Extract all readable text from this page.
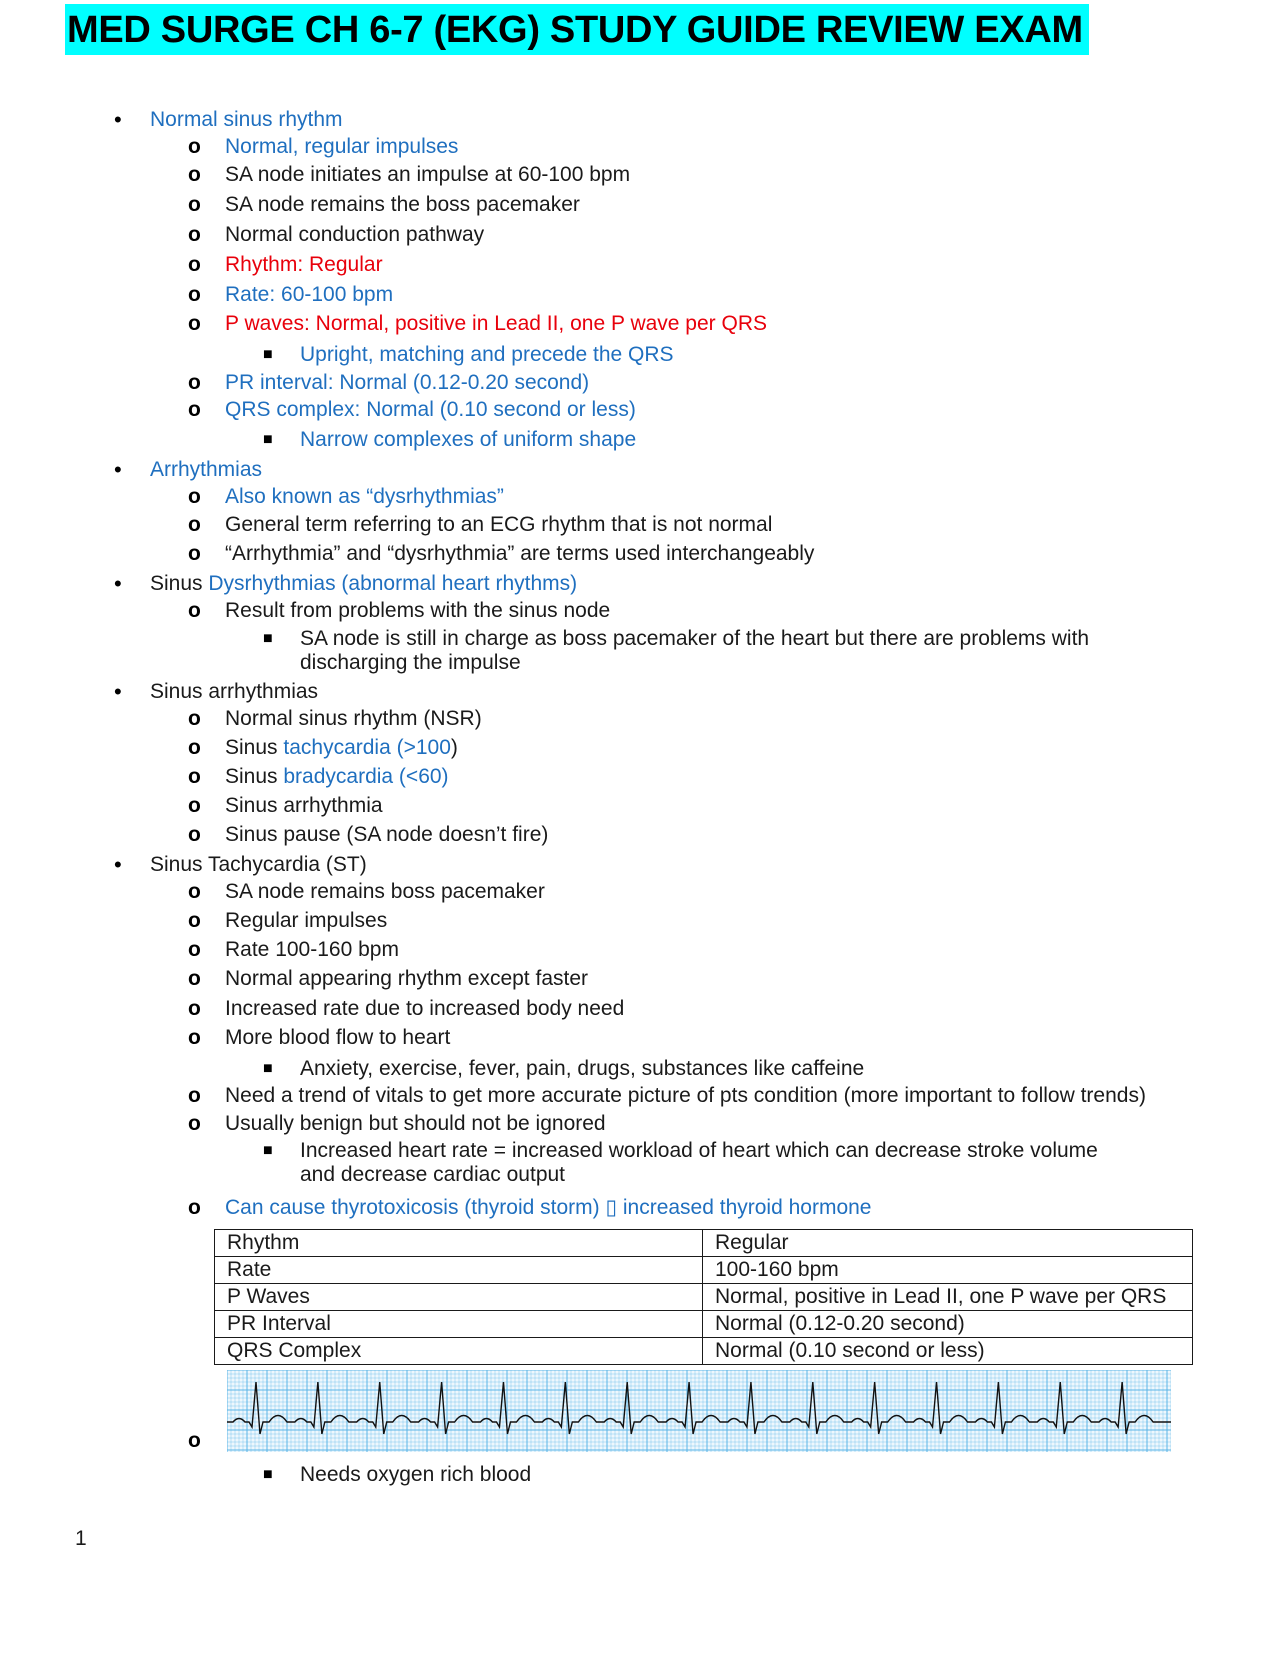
MED SURGE CH 6-7 (EKG) STUDY GUIDE REVIEW EXAM
• Normal sinus rhythm
o Normal, regular impulses
o SA node initiates an impulse at 60-100 bpm
o SA node remains the boss pacemaker
o Normal conduction pathway
o Rhythm: Regular
o Rate: 60-100 bpm
o P waves: Normal, positive in Lead II, one P wave per QRS
■ Upright, matching and precede the QRS
o PR interval: Normal (0.12-0.20 second)
o QRS complex: Normal (0.10 second or less)
■ Narrow complexes of uniform shape
• Arrhythmias
o Also known as “dysrhythmias”
o General term referring to an ECG rhythm that is not normal
o “Arrhythmia” and “dysrhythmia” are terms used interchangeably
• Sinus Dysrhythmias (abnormal heart rhythms)
o Result from problems with the sinus node
■ SA node is still in charge as boss pacemaker of the heart but there are problems with
discharging the impulse
• Sinus arrhythmias
o Normal sinus rhythm (NSR)
o Sinus tachycardia (>100)
o Sinus bradycardia (<60)
o Sinus arrhythmia
o Sinus pause (SA node doesn’t fire)
• Sinus Tachycardia (ST)
o SA node remains boss pacemaker
o Regular impulses
o Rate 100-160 bpm
o Normal appearing rhythm except faster
o Increased rate due to increased body need
o More blood flow to heart
■ Anxiety, exercise, fever, pain, drugs, substances like caffeine
o Need a trend of vitals to get more accurate picture of pts condition (more important to follow trends)
o Usually benign but should not be ignored
■ Increased heart rate = increased workload of heart which can decrease stroke volume
and decrease cardiac output
o Can cause thyrotoxicosis (thyroid storm) ▯ increased thyroid hormone
Rhythm	Regular
Rate	100-160 bpm
P Waves	Normal, positive in Lead II, one P wave per QRS
PR Interval	Normal (0.12-0.20 second)
QRS Complex	Normal (0.10 second or less)
o
■ Needs oxygen rich blood
1
